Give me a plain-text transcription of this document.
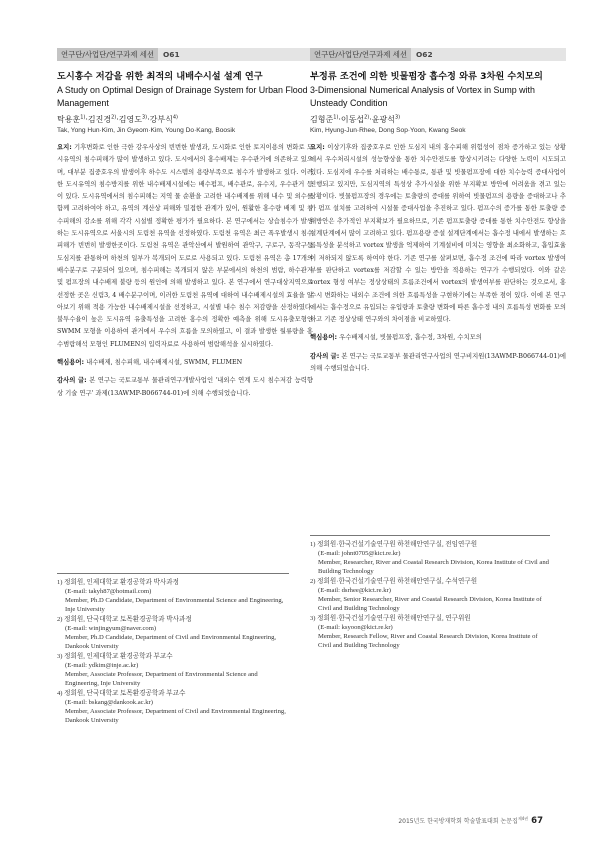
연구단/사업단/연구과제 세션	O61
도시홍수 저감을 위한 최적의 내배수시설 설계 연구
A Study on Optimal Design of Drainage System for Urban Flood Management
탁용훈$^{1)}$·김진경$^{2)}$·김영도$^{3)}$·강부식$^{4)}$
Tak, Yong Hun·Kim, Jin Gyeom·Kim, Young Do·Kang, Boosik
요지: 기후변화로 인한 극한 강우사상의 빈번한 발생과, 도시화로 인한 토지이용의 변화로 도시유역의 침수피해가 많이 발생하고 있다. 도시에서의 홍수배제는 우수관거에 의존하고 있으며, 대부분 집중호우의 발생이후 하수도 시스템의 용량부족으로 침수가 발생하고 있다. 이러한 도시유역의 침수방지를 위한 내수배제시설에는 배수펌프, 배수관로, 유수지, 우수관거 등이 있다. 도시유역에서의 침수피해는 지역 물 순환을 고려한 내수배제를 위해 내수 및 외수를 함께 고려하여야 하고, 유역의 계산상 피해와 밀접한 관계가 있어, 원활한 홍수량 배제 및 침수피해의 감소를 위해 각각 시설별 정확한 평가가 필요하다. 본 연구에서는 상습침수가 발생하는 도시유역으로 서울시의 도림천 유역을 선정하였다. 도림천 유역은 최근 폭우발생시 침수 피해가 빈번히 발생한곳이다. 도림천 유역은 관악산에서 발원하여 관악구, 구로구, 동작구등 도심지를 관통하며 하천의 일부가 복개되어 도로로 사용되고 있다. 도림천 유역은 총 17개의 배수분구로 구분되어 있으며, 침수피해는 복개되지 않은 부분에서의 하천의 범람, 하수관거 및 펌프장의 내수배제 불량 등의 원인에 의해 발생하고 있다. 본 연구에서 연구대상지역으로 선정한 곳은 신림3, 4 배수분구이며, 이러한 도림천 유역에 대하여 내수배제시설의 효율을 알아보기 위해 적용 가능한 내수배제시설을 선정하고, 시설별 내수 침수 저감량을 산정하였다. 불투수율이 높은 도시유역 유출특성을 고려한 홍수의 정확한 예측을 위해 도시유출모형인 SWMM 모형을 이용하여 관거에서 우수의 흐름을 모의하였고, 이 결과 발생한 월류량을 홍수범람해석 모형인 FLUMEN의 입력자료로 사용하여 범람해석을 실시하였다.
핵심용어: 내수배제, 침수피해, 내수배제시설, SWMM, FLUMEN
감사의 글: 본 연구는 국토교통부 물관리연구개발사업인 '내외수 연계 도시 침수저감 능력향상 기술 연구' 과제(13AWMP-B066744-01)에 의해 수행되었습니다.
1) 정회원, 인제대학교 환경공학과 박사과정
(E-mail: takyh87@hotmail.com)
Member, Ph.D Candidate, Department of Environmental Science and Engineering, Inje University
2) 정회원, 단국대학교 토목환경공학과 박사과정
(E-mail: winjingyum@naver.com)
Member, Ph.D Candidate, Department of Civil and Environmental Engineering, Dankook University
3) 정회원, 인제대학교 환경공학과 부교수
(E-mail: ydkim@inje.ac.kr)
Member, Associate Professor, Department of Environmental Science and Engineering, Inje University
4) 정회원, 단국대학교 토목환경공학과 부교수
(E-mail: bskang@dankook.ac.kr)
Member, Associate Professor, Department of Civil and Environmental Engineering, Dankook University
연구단/사업단/연구과제 세션	O62
부정류 조건에 의한 빗물펌장 흡수정 와류 3차원 수치모의
3-Dimensional Numerical Analysis of Vortex in Sump with Unsteady Condition
김형준$^{1)}$·이동섭$^{2)}$·윤광석$^{3)}$
Kim, Hyung-Jun·Rhee, Dong Sop·Yoon, Kwang Seok
요지: 이상기후와 집중호우로 인한 도심지 내의 홍수피해 위험성이 점차 증가하고 있는 상황에서 우수처리시설의 성능향상을 통한 치수안전도를 향상시키려는 다양한 노력이 시도되고 있다. 도심지에 우수를 처리하는 배수통로, 통관 및 빗물펌프장에 대한 치수능력 증대사업이 진행되고 있지만, 도심지역의 특성상 추가시설을 위한 부지확보 방안에 어려움을 겪고 있는 상황이다. 빗물펌프장의 경우에는 토출량의 증대를 위하여 빗물펌프의 용량을 증대하고나 추가 펌프 설치를 고려하여 시설물 증대사업을 추진하고 있다. 펌프수의 증가를 통한 토출량 증대방안은 추가적인 부지확보가 필요하므로, 기존 펌프토출량 증대를 통한 치수안전도 향상을 설계단계에서 많이 고려하고 있다. 펌프용량 증설 설계단계에서는 흡수정 내에서 발생하는 흐름특성을 분석하고 vortex 발생을 억제하여 기계설비에 미치는 영향을 최소화하고, 흡입효율이 저하되지 않도록 하여야 한다. 기존 연구를 살펴보면, 흡수정 조건에 따라 vortex 발생여부를 판단하고 vortex를 저감할 수 있는 방안을 적용하는 연구가 수행되었다. 이와 같은 vortex 형성 여부는 정상상태의 흐름조건에서 vortex의 발생여부를 판단하는 것으로서, 홍수시 변화하는 내외수 조건에 의한 흐름특성을 구현하기에는 부족한 점이 있다. 이에 본 연구에서는 흡수정으로 유입되는 유입량과 토출량 변화에 따른 흡수정 내의 흐름특성 변화를 모의하고 기존 정상상태 연구와의 차이점을 비교하였다.
핵심용어: 우수배제시설, 빗물펌프장, 흡수정, 3차원, 수치모의
감사의 글: 본 연구는 국토교통부 물관리연구사업의 연구비지원(13AWMP-B066744-01)에 의해 수행되었습니다.
1) 정회원·한국건설기술연구원 하천해안연구실, 전임연구원
(E-mail: johnt0705@kict.re.kr)
Member, Researcher, River and Coastal Research Division, Korea Institute of Civil and Building Technology
2) 정회원·한국건설기술연구원 하천해안연구실, 수석연구원
(E-mail: dsrhee@kict.re.kr)
Member, Senior Researcher, River and Coastal Research Division, Korea Institute of Civil and Building Technology
3) 정회원·한국건설기술연구원 하천해안연구실, 연구위원
(E-mail: ksyoon@kict.re.kr)
Member, Research Fellow, River and Coastal Research Division, Korea Institute of Civil and Building Technology
2015년도 한국방재학회 학술발표대회 논문집$^{제4권}$ 67
